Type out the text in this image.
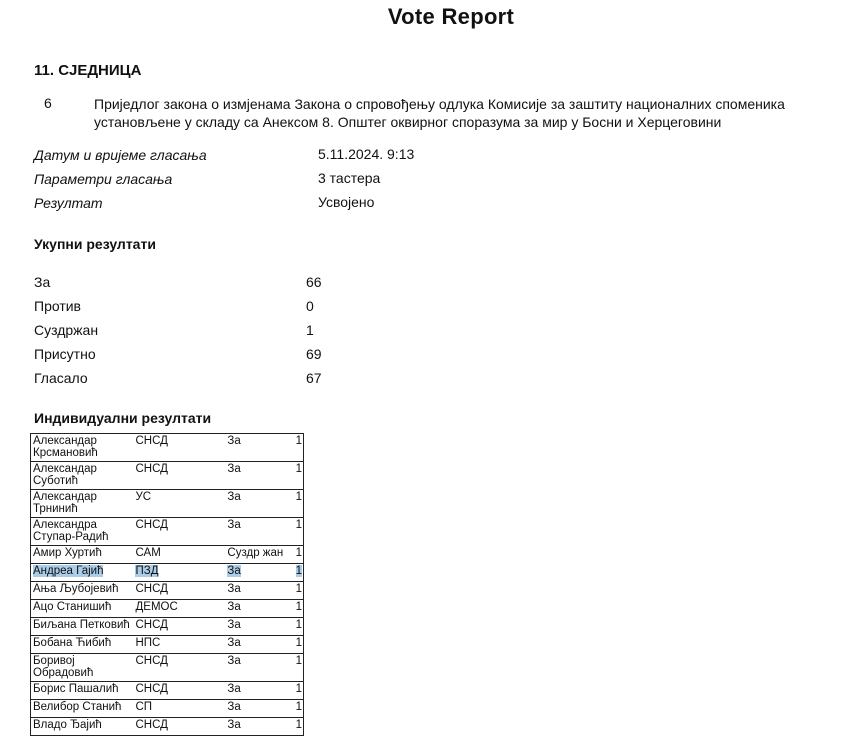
Vote Report
11. СЈЕДНИЦА
6	Приједлог закона о измјенама Закона о спровођењу одлука Комисије за заштиту националних споменика установљене у складу са Анексом 8. Општег оквирног споразума за мир у Босни и Херцеговини
Датум и вријеме гласања	5.11.2024. 9:13
Параметри гласања	3 тастера
Резултат	Усвојено
Укупни резултати
За	66
Против	0
Суздржан	1
Присутно	69
Гласало	67
Индивидуални резултати
Александар Крсмановић	СНСД	За	1
Александар Суботић	СНСД	За	1
Александар Трнинић	УС	За	1
Александра Ступар-Радић	СНСД	За	1
Амир Хуртић	САМ	Суздр жан	1
Андреа Гајић	ПЗД	За	1
Ања Љубојевић	СНСД	За	1
Ацо Станишић	ДЕМОС	За	1
Биљана Петковић	СНСД	За	1
Бобана Ћибић	НПС	За	1
Боривој Обрадовић	СНСД	За	1
Борис Пашалић	СНСД	За	1
Велибор Станић	СП	За	1
Владо Ђајић	СНСД	За	1
